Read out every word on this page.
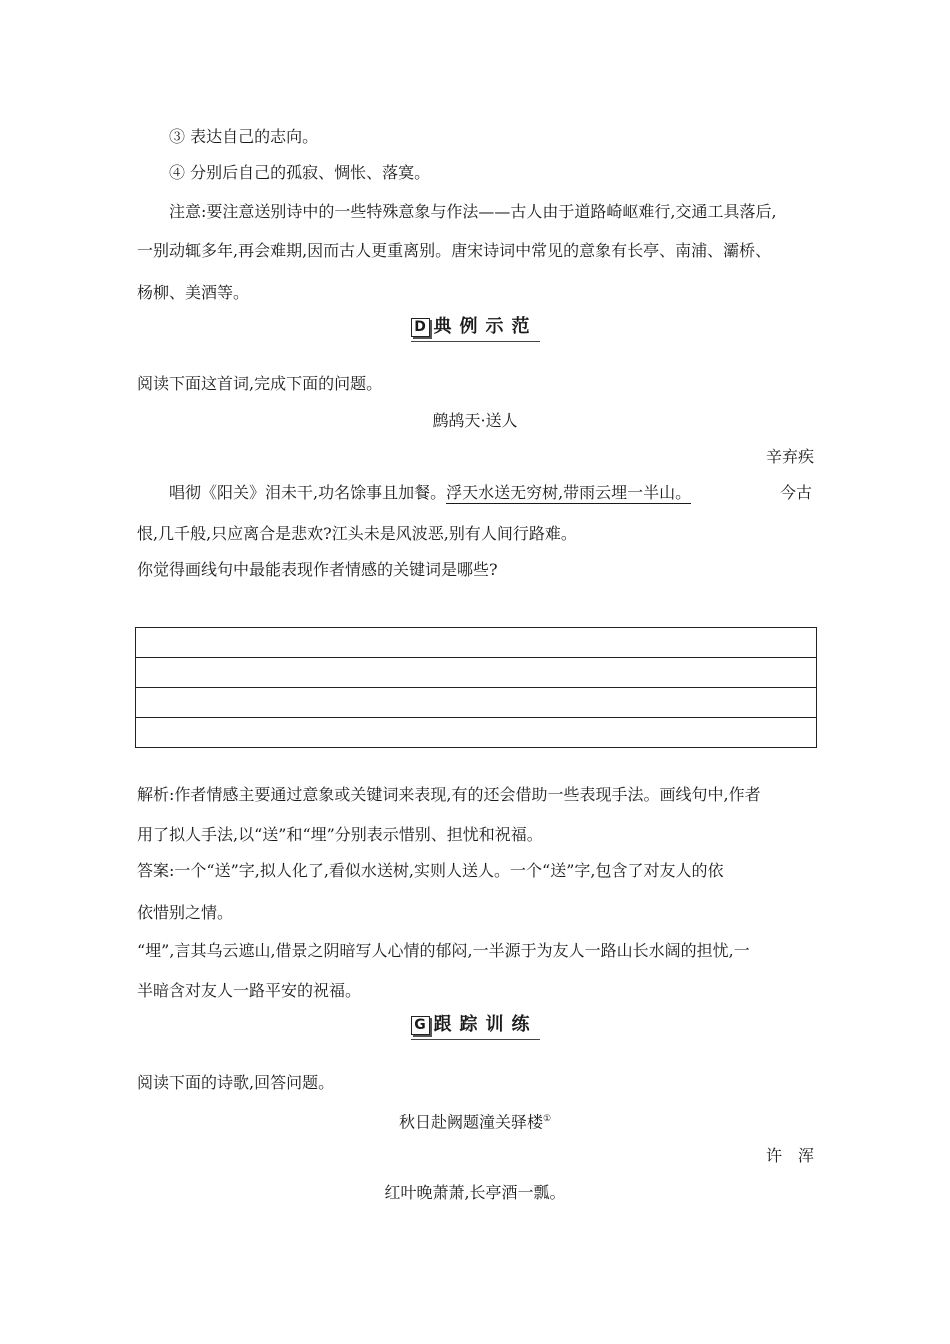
③ 表达自己的志向。
④ 分别后自己的孤寂、惆怅、落寞。
注意:要注意送别诗中的一些特殊意象与作法——古人由于道路崎岖难行,交通工具落后,
一别动辄多年,再会难期,因而古人更重离别。唐宋诗词中常见的意象有长亭、南浦、灞桥、
杨柳、美酒等。
D 典例示范
阅读下面这首词,完成下面的问题。
鹧鸪天·送人
辛弃疾
唱彻《阳关》泪未干,功名馀事且加餐。浮天水送无穷树,带雨云埋一半山。	今古
恨,几千般,只应离合是悲欢?江头未是风波恶,别有人间行路难。
你觉得画线句中最能表现作者情感的关键词是哪些?
解析:作者情感主要通过意象或关键词来表现,有的还会借助一些表现手法。画线句中,作者
用了拟人手法,以“送”和“埋”分别表示惜别、担忧和祝福。
答案:一个“送”字,拟人化了,看似水送树,实则人送人。一个“送”字,包含了对友人的依
依惜别之情。
“埋”,言其乌云遮山,借景之阴暗写人心情的郁闷,一半源于为友人一路山长水阔的担忧,一
半暗含对友人一路平安的祝福。
G 跟踪训练
阅读下面的诗歌,回答问题。
秋日赴阙题潼关驿楼①
许　浑
红叶晚萧萧,长亭酒一瓢。
